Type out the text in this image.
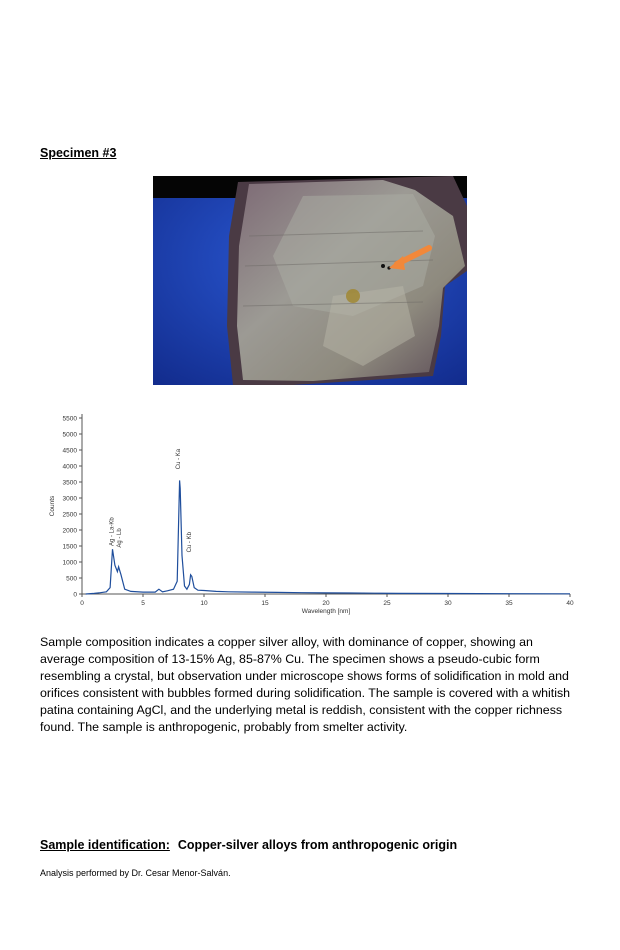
Specimen #3
0
500
1000
1500
2000
2500
3000
3500
4000
4500
5000
5500
0	5	10	15	20	25	30	35	40
Wavelength [nm]
Counts
Ag - La-Kb Ag - Lb
Cu - Ka
Cu - Kb
Sample composition indicates a copper silver alloy, with dominance of copper, showing an average composition of 13-15% Ag, 85-87% Cu. The specimen shows a pseudo-cubic form resembling a crystal, but observation under microscope shows forms of solidification in mold and orifices consistent with bubbles formed during solidification. The sample is covered with a whitish patina containing AgCl, and the underlying metal is reddish, consistent with the copper richness found. The sample is anthropogenic, probably from smelter activity.
Sample identification: Copper-silver alloys from anthropogenic origin
Analysis performed by Dr. Cesar Menor-Salván.
